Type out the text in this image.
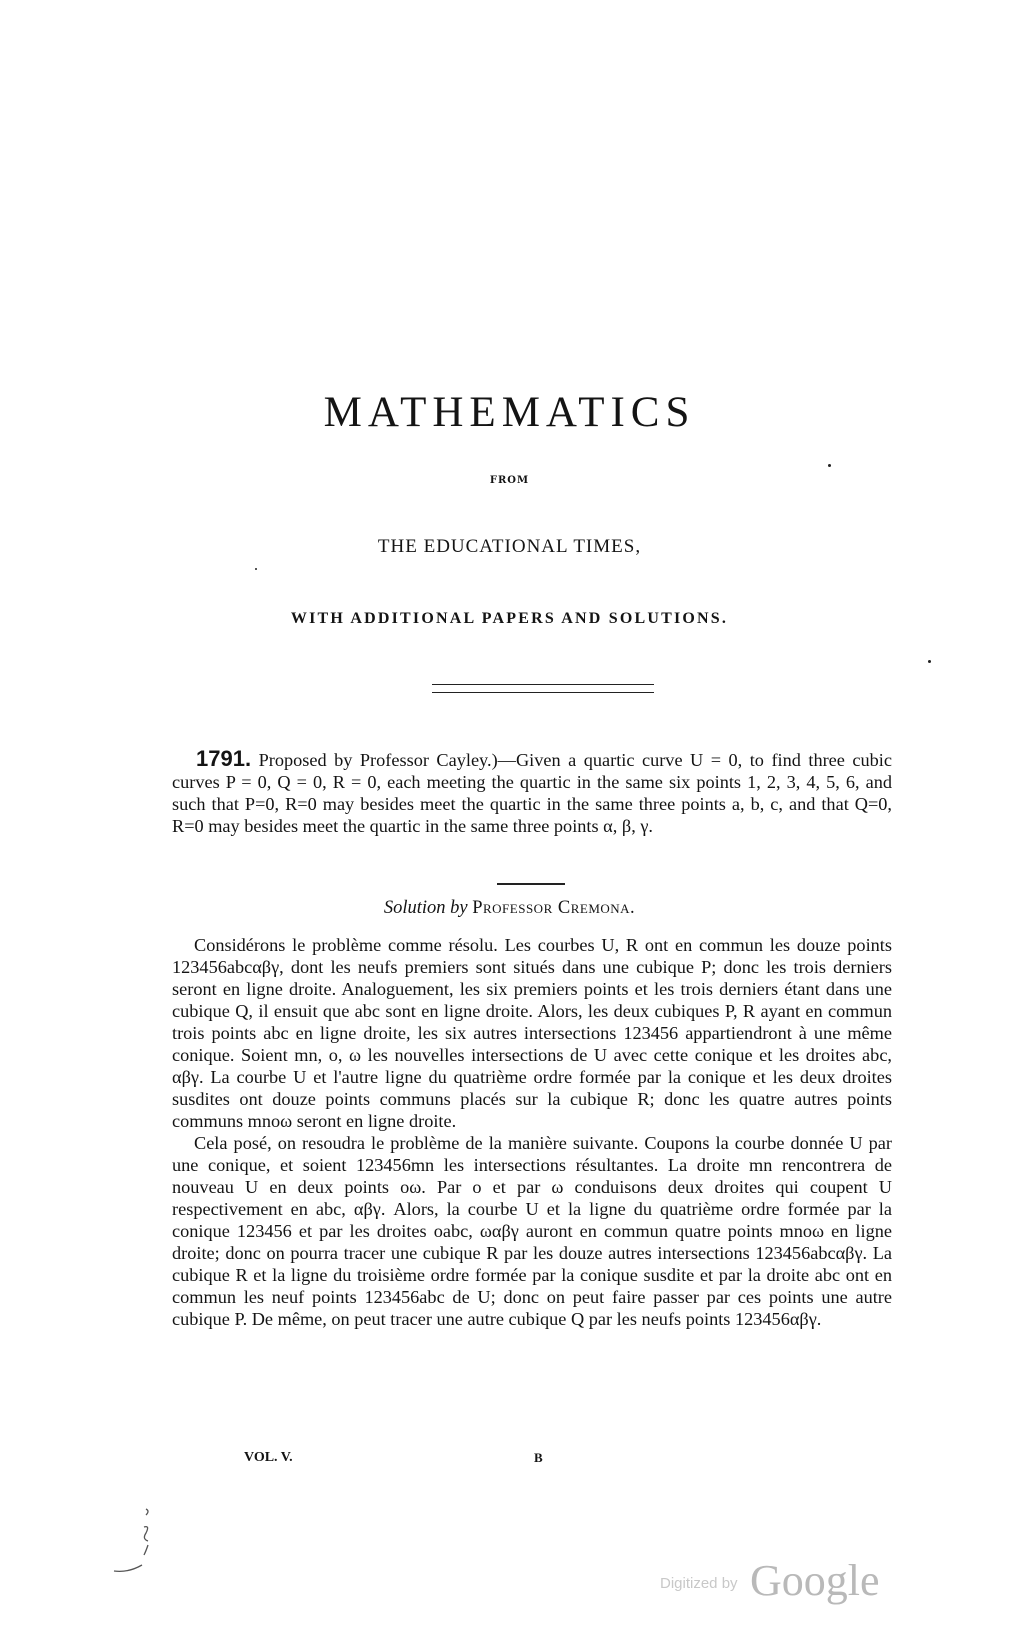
MATHEMATICS
FROM
THE EDUCATIONAL TIMES,
WITH ADDITIONAL PAPERS AND SOLUTIONS.
1791. Proposed by Professor Cayley.)—Given a quartic curve U = 0, to find three cubic curves P = 0, Q = 0, R = 0, each meeting the quartic in the same six points 1, 2, 3, 4, 5, 6, and such that P=0, R=0 may besides meet the quartic in the same three points a, b, c, and that Q=0, R=0 may besides meet the quartic in the same three points α, β, γ.
Solution by Professor Cremona.

Considérons le problème comme résolu. Les courbes U, R ont en commun les douze points 123456abcαβγ, dont les neufs premiers sont situés dans une cubique P; donc les trois derniers seront en ligne droite. Analoguement, les six premiers points et les trois derniers étant dans une cubique Q, il ensuit que abc sont en ligne droite. Alors, les deux cubiques P, R ayant en commun trois points abc en ligne droite, les six autres intersections 123456 appartiendront à une même conique. Soient mn, o, ω les nouvelles intersections de U avec cette conique et les droites abc, αβγ. La courbe U et l'autre ligne du quatrième ordre formée par la conique et les deux droites susdites ont douze points communs placés sur la cubique R; donc les quatre autres points communs mnoω seront en ligne droite.

Cela posé, on resoudra le problème de la manière suivante. Coupons la courbe donnée U par une conique, et soient 123456mn les intersections résultantes. La droite mn rencontrera de nouveau U en deux points oω. Par o et par ω conduisons deux droites qui coupent U respectivement en abc, αβγ. Alors, la courbe U et la ligne du quatrième ordre formée par la conique 123456 et par les droites oabc, ωαβγ auront en commun quatre points mnoω en ligne droite; donc on pourra tracer une cubique R par les douze autres intersections 123456abcαβγ. La cubique R et la ligne du troisième ordre formée par la conique susdite et par la droite abc ont en commun les neuf points 123456abc de U; donc on peut faire passer par ces points une autre cubique P. De même, on peut tracer une autre cubique Q par les neufs points 123456αβγ.

VOL. V.	B
Digitized by Google
